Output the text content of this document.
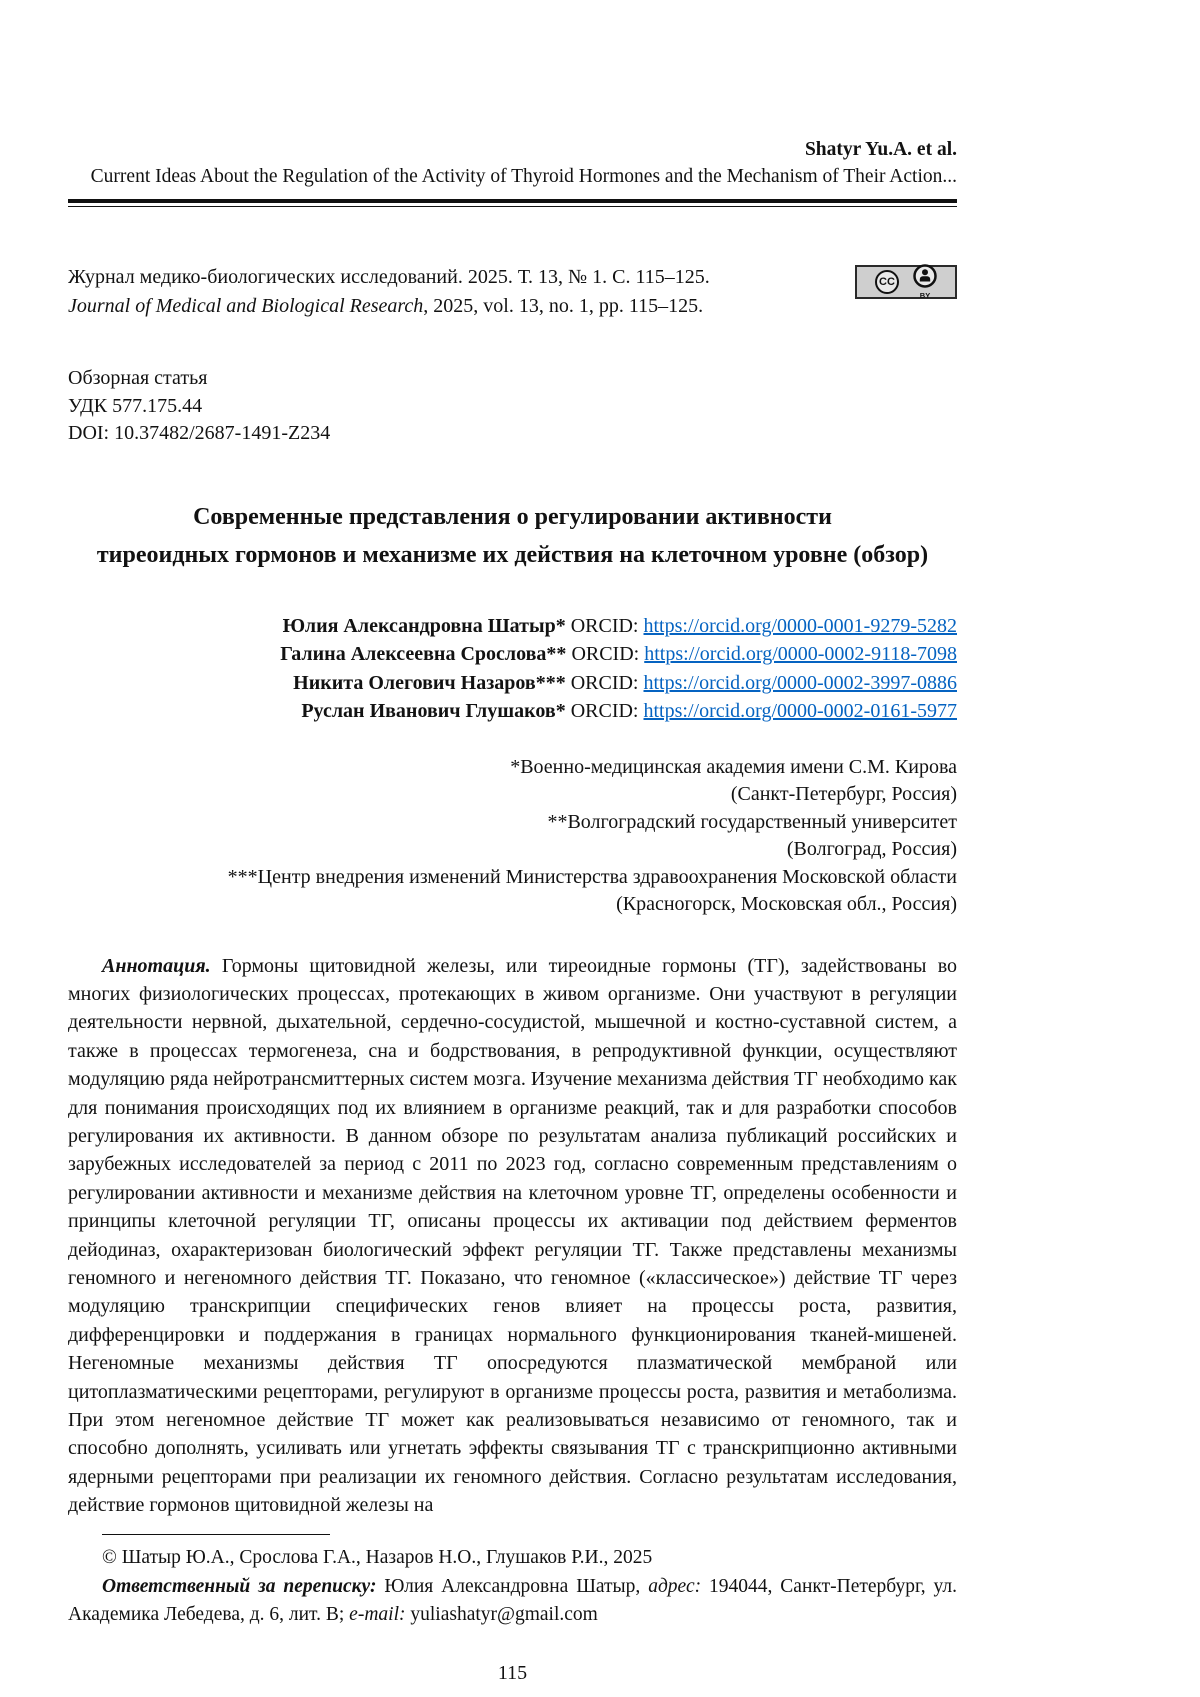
Shatyr Yu.A. et al.
Current Ideas About the Regulation of the Activity of Thyroid Hormones and the Mechanism of Their Action...

Журнал медико-биологических исследований. 2025. Т. 13, № 1. С. 115–125.

Journal of Medical and Biological Research, 2025, vol. 13, no. 1, pp. 115–125.

CC
BY

Обзорная статья

УДК 577.175.44

DOI: 10.37482/2687-1491-Z234

Современные представления о регулировании активности
тиреоидных гормонов и механизме их действия на клеточном уровне (обзор)

Юлия Александровна Шатыр* ORCID: https://orcid.org/0000-0001-9279-5282

Галина Алексеевна Срослова** ORCID: https://orcid.org/0000-0002-9118-7098

Никита Олегович Назаров*** ORCID: https://orcid.org/0000-0002-3997-0886

Руслан Иванович Глушаков* ORCID: https://orcid.org/0000-0002-0161-5977

*Военно-медицинская академия имени С.М. Кирова

(Санкт-Петербург, Россия)

**Волгоградский государственный университет

(Волгоград, Россия)

***Центр внедрения изменений Министерства здравоохранения Московской области

(Красногорск, Московская обл., Россия)

Аннотация. Гормоны щитовидной железы, или тиреоидные гормоны (ТГ), задействованы во многих физиологических процессах, протекающих в живом организме. Они участвуют в регуляции деятельности нервной, дыхательной, сердечно-сосудистой, мышечной и костно-суставной систем, а также в процессах термогенеза, сна и бодрствования, в репродуктивной функции, осуществляют модуляцию ряда нейротрансмиттерных систем мозга. Изучение механизма действия ТГ необходимо как для понимания происходящих под их влиянием в организме реакций, так и для разработки способов регулирования их активности. В данном обзоре по результатам анализа публикаций российских и зарубежных исследователей за период с 2011 по 2023 год, согласно современным представлениям о регулировании активности и механизме действия на клеточном уровне ТГ, определены особенности и принципы клеточной регуляции ТГ, описаны процессы их активации под действием ферментов дейодиназ, охарактеризован биологический эффект регуляции ТГ. Также представлены механизмы геномного и негеномного действия ТГ. Показано, что геномное («классическое») действие ТГ через модуляцию транскрипции специфических генов влияет на процессы роста, развития, дифференцировки и поддержания в границах нормального функционирования тканей-мишеней. Негеномные механизмы действия ТГ опосредуются плазматической мембраной или цитоплазматическими рецепторами, регулируют в организме процессы роста, развития и метаболизма. При этом негеномное действие ТГ может как реализовываться независимо от геномного, так и способно дополнять, усиливать или угнетать эффекты связывания ТГ с транскрипционно активными ядерными рецепторами при реализации их геномного действия. Согласно результатам исследования, действие гормонов щитовидной железы на

© Шатыр Ю.А., Срослова Г.А., Назаров Н.О., Глушаков Р.И., 2025

Ответственный за переписку: Юлия Александровна Шатыр, адрес: 194044, Санкт-Петербург, ул. Академика Лебедева, д. 6, лит. В; e-mail: yuliashatyr@gmail.com

115
